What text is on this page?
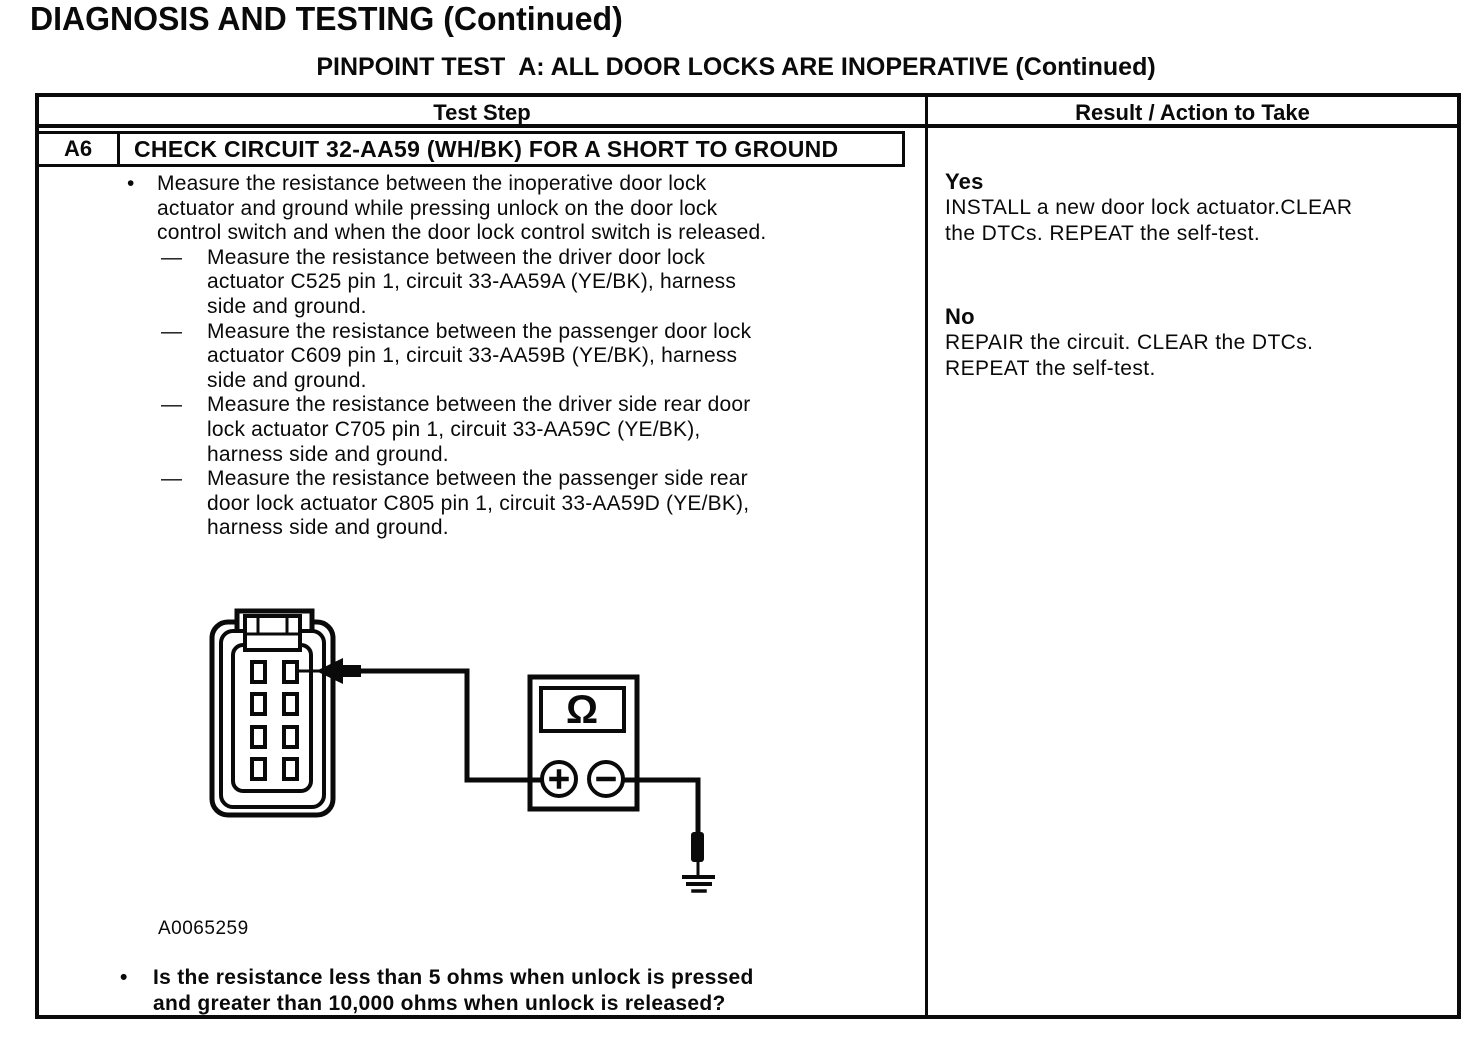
DIAGNOSIS AND TESTING (Continued)
PINPOINT TEST  A: ALL DOOR LOCKS ARE INOPERATIVE (Continued)
Test Step	Result / Action to Take
A6	CHECK CIRCUIT 32-AA59 (WH/BK) FOR A SHORT TO GROUND
• Measure the resistance between the inoperative door lock
actuator and ground while pressing unlock on the door lock
control switch and when the door lock control switch is released.
— Measure the resistance between the driver door lock
actuator C525 pin 1, circuit 33-AA59A (YE/BK), harness
side and ground.
— Measure the resistance between the passenger door lock
actuator C609 pin 1, circuit 33-AA59B (YE/BK), harness
side and ground.
— Measure the resistance between the driver side rear door
lock actuator C705 pin 1, circuit 33-AA59C (YE/BK),
harness side and ground.
— Measure the resistance between the passenger side rear
door lock actuator C805 pin 1, circuit 33-AA59D (YE/BK),
harness side and ground.
Ω
A0065259
• Is the resistance less than 5 ohms when unlock is pressed
and greater than 10,000 ohms when unlock is released?
Yes
INSTALL a new door lock actuator.CLEAR
the DTCs. REPEAT the self-test.
No
REPAIR the circuit. CLEAR the DTCs.
REPEAT the self-test.
